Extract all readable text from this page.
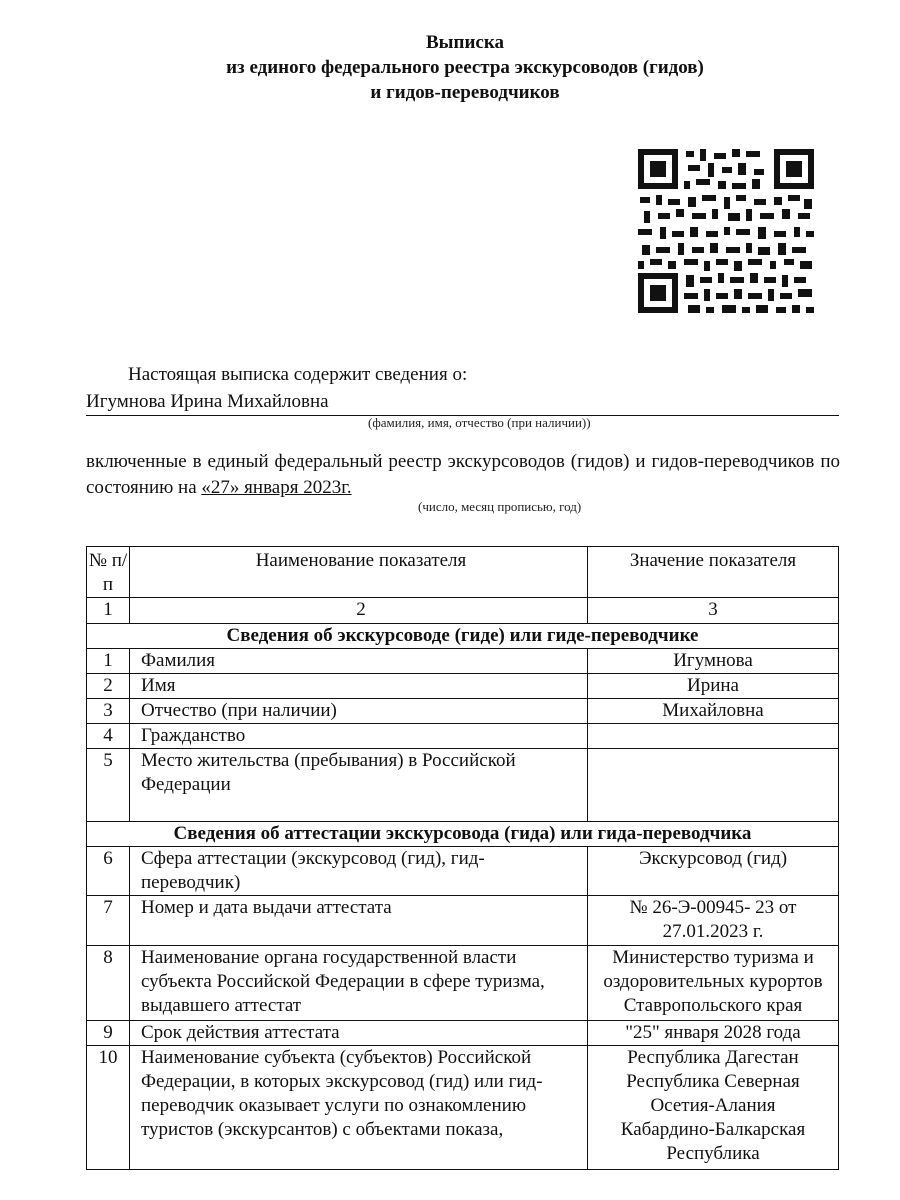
Выписка
из единого федерального реестра экскурсоводов (гидов)
и гидов-переводчиков
Настоящая выписка содержит сведения о:
Игумнова Ирина Михайловна
(фамилия, имя, отчество (при наличии))
включенные в единый федеральный реестр экскурсоводов (гидов) и гидов-переводчиков по состоянию на «27» января 2023г.
(число, месяц прописью, год)
№ п/п	Наименование показателя	Значение показателя
1	2	3
Сведения об экскурсоводе (гиде) или гиде-переводчике		
1	Фамилия	Игумнова
2	Имя	Ирина
3	Отчество (при наличии)	Михайловна
4	Гражданство	
5	Место жительства (пребывания) в Российской Федерации	
Сведения об аттестации экскурсовода (гида) или гида-переводчика		
6	Сфера аттестации (экскурсовод (гид), гид-переводчик)	Экскурсовод (гид)
7	Номер и дата выдачи аттестата	№ 26-Э-00945- 23 от 27.01.2023 г.
8	Наименование органа государственной власти субъекта Российской Федерации в сфере туризма, выдавшего аттестат	Министерство туризма и оздоровительных курортов Ставропольского края
9	Срок действия аттестата	"25" января 2028 года
10	Наименование субъекта (субъектов) Российской Федерации, в которых экскурсовод (гид) или гид-переводчик оказывает услуги по ознакомлению туристов (экскурсантов) с объектами показа,	Республика Дагестан Республика Северная Осетия-Алания Кабардино-Балкарская Республика
